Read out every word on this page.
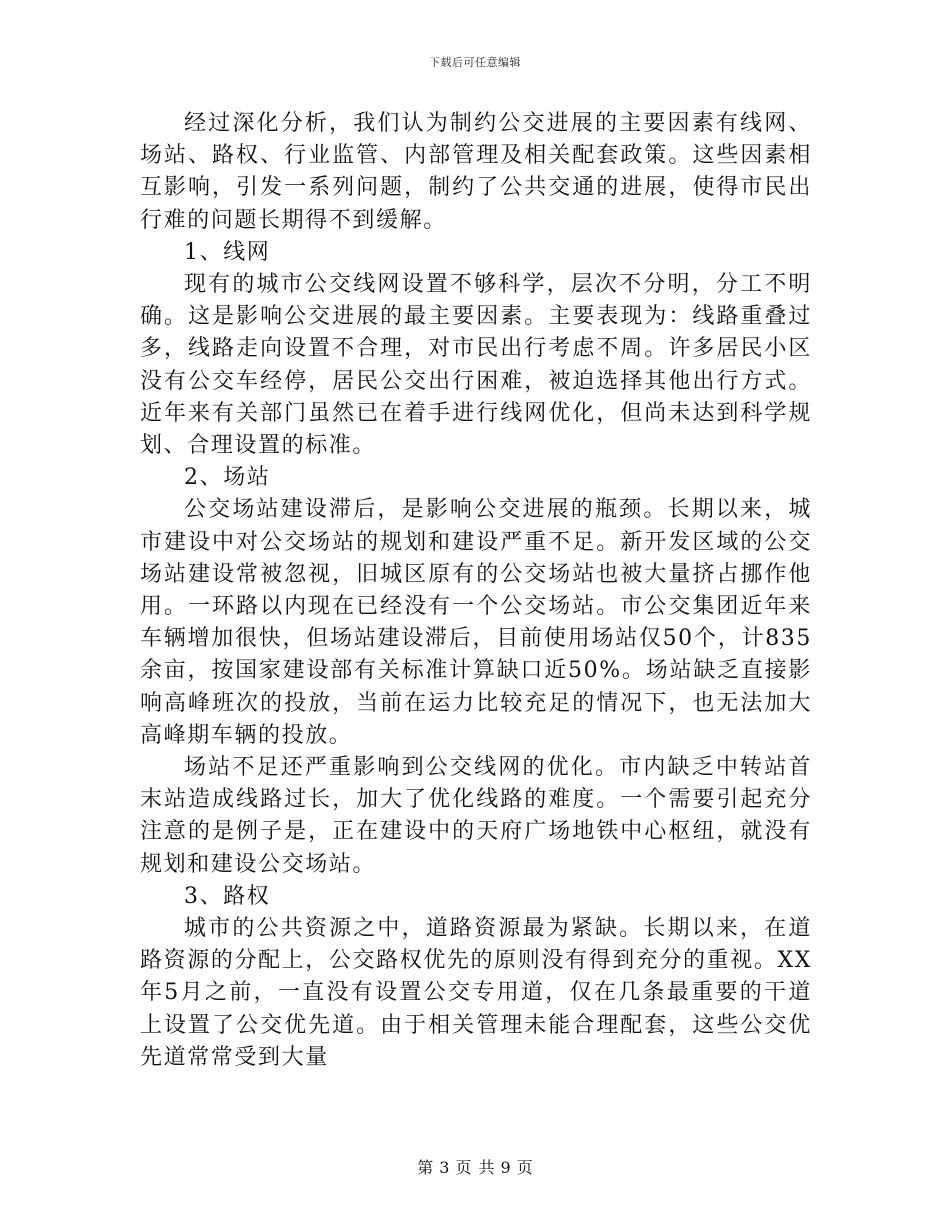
下载后可任意编辑

经过深化分析，我们认为制约公交进展的主要因素有线网、场站、路权、行业监管、内部管理及相关配套政策。这些因素相互影响，引发一系列问题，制约了公共交通的进展，使得市民出行难的问题长期得不到缓解。

1、线网

现有的城市公交线网设置不够科学，层次不分明，分工不明确。这是影响公交进展的最主要因素。主要表现为：线路重叠过多，线路走向设置不合理，对市民出行考虑不周。许多居民小区没有公交车经停，居民公交出行困难，被迫选择其他出行方式。近年来有关部门虽然已在着手进行线网优化，但尚未达到科学规划、合理设置的标准。

2、场站

公交场站建设滞后，是影响公交进展的瓶颈。长期以来，城市建设中对公交场站的规划和建设严重不足。新开发区域的公交场站建设常被忽视，旧城区原有的公交场站也被大量挤占挪作他用。一环路以内现在已经没有一个公交场站。市公交集团近年来车辆增加很快，但场站建设滞后，目前使用场站仅50个，计835余亩，按国家建设部有关标准计算缺口近50%。场站缺乏直接影响高峰班次的投放，当前在运力比较充足的情况下，也无法加大高峰期车辆的投放。

场站不足还严重影响到公交线网的优化。市内缺乏中转站首末站造成线路过长，加大了优化线路的难度。一个需要引起充分注意的是例子是，正在建设中的天府广场地铁中心枢纽，就没有规划和建设公交场站。

3、路权

城市的公共资源之中，道路资源最为紧缺。长期以来，在道路资源的分配上，公交路权优先的原则没有得到充分的重视。XX年5月之前，一直没有设置公交专用道，仅在几条最重要的干道上设置了公交优先道。由于相关管理未能合理配套，这些公交优先道常常受到大量

第 3 页 共 9 页
